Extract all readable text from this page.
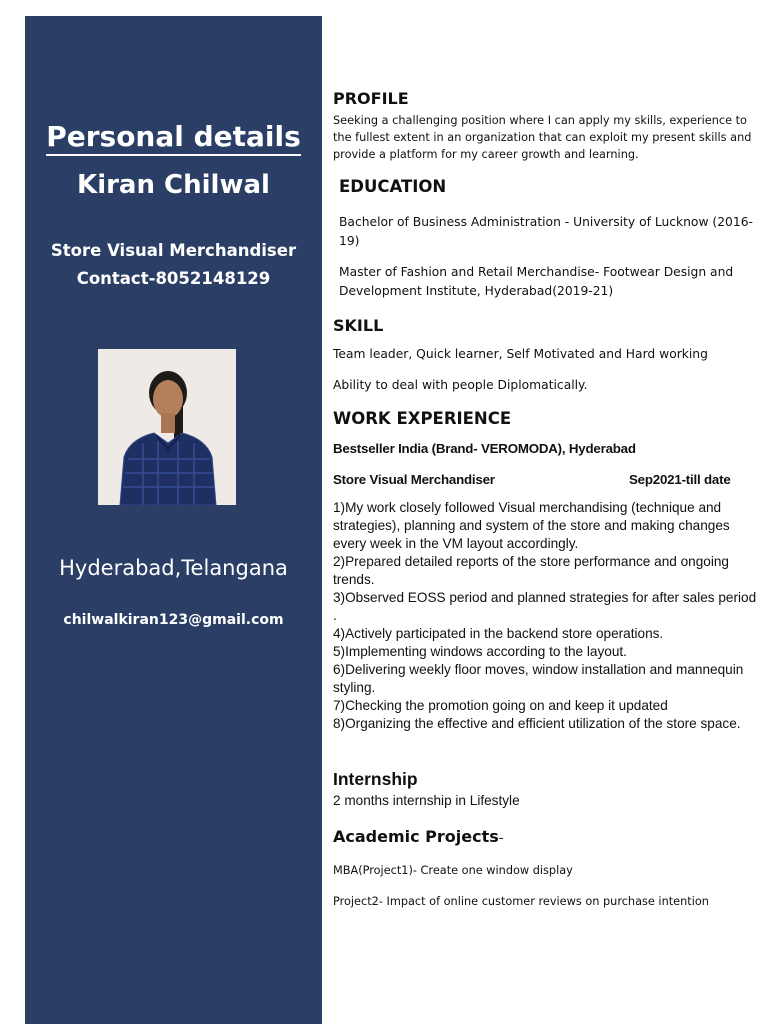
Personal details
Kiran Chilwal
Store Visual Merchandiser
Contact-8052148129
Hyderabad,Telangana
chilwalkiran123@gmail.com
PROFILE
Seeking a challenging position where I can apply my skills, experience to the fullest extent in an organization that can exploit my present skills and provide a platform for my career growth and learning.
EDUCATION
Bachelor of Business Administration - University of Lucknow (2016-19)
Master of Fashion and Retail Merchandise- Footwear Design and Development Institute, Hyderabad(2019-21)
SKILL
Team leader, Quick learner, Self Motivated and Hard working
Ability to deal with people Diplomatically.
WORK EXPERIENCE
Bestseller India (Brand- VEROMODA), Hyderabad
Store Visual Merchandiser	Sep2021-till date
1)My work closely followed Visual merchandising (technique and strategies), planning and system of the store and making changes every week in the VM layout accordingly.
2)Prepared detailed reports of the store performance and ongoing trends.
3)Observed EOSS period and planned strategies for after sales period .
4)Actively participated in the backend store operations.
5)Implementing windows according to the layout.
6)Delivering weekly floor moves, window installation and mannequin styling.
7)Checking the promotion going on and keep it updated
8)Organizing the effective and efficient utilization of the store space.
Internship
2 months internship in Lifestyle
Academic Projects-
MBA(Project1)- Create one window display
Project2- Impact of online customer reviews on purchase intention
